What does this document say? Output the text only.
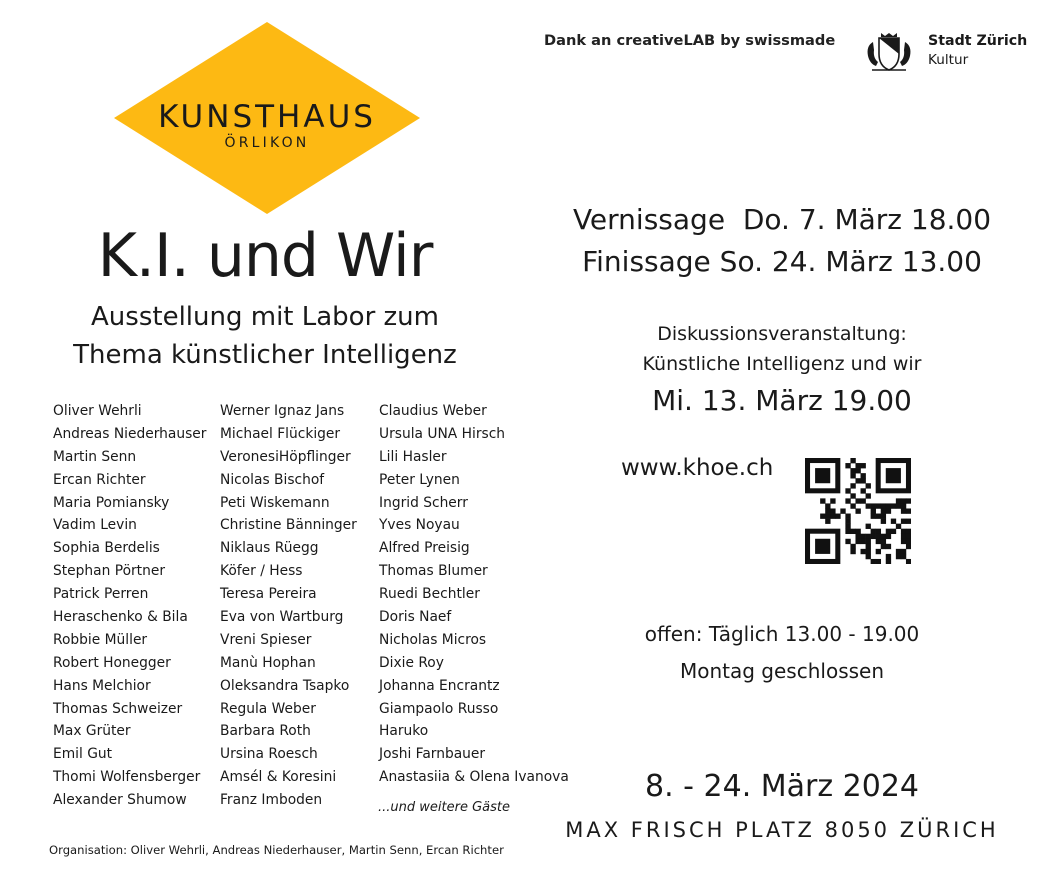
KUNSTHAUS
ÖRLIKON
K.I. und Wir
Ausstellung mit Labor zum
Thema künstlicher Intelligenz
Oliver Wehrli
Andreas Niederhauser
Martin Senn
Ercan Richter
Maria Pomiansky
Vadim Levin
Sophia Berdelis
Stephan Pörtner
Patrick Perren
Heraschenko & Bila
Robbie Müller
Robert Honegger
Hans Melchior
Thomas Schweizer
Max Grüter
Emil Gut
Thomi Wolfensberger
Alexander Shumow
Werner Ignaz Jans
Michael Flückiger
VeronesiHöpflinger
Nicolas Bischof
Peti Wiskemann
Christine Bänninger
Niklaus Rüegg
Köfer / Hess
Teresa Pereira
Eva von Wartburg
Vreni Spieser
Manù Hophan
Oleksandra Tsapko
Regula Weber
Barbara Roth
Ursina Roesch
Amsél & Koresini
Franz Imboden
Claudius Weber
Ursula UNA Hirsch
Lili Hasler
Peter Lynen
Ingrid Scherr
Yves Noyau
Alfred Preisig
Thomas Blumer
Ruedi Bechtler
Doris Naef
Nicholas Micros
Dixie Roy
Johanna Encrantz
Giampaolo Russo
Haruko
Joshi Farnbauer
Anastasiia & Olena Ivanova
...und weitere Gäste
Organisation: Oliver Wehrli, Andreas Niederhauser, Martin Senn, Ercan Richter
Dank an creativeLAB by swissmade	Stadt Zürich
Kultur
Vernissage  Do. 7. März 18.00
Finissage So. 24. März 13.00
Diskussionsveranstaltung:
Künstliche Intelligenz und wir
Mi. 13. März 19.00
www.khoe.ch
offen: Täglich 13.00 - 19.00
Montag geschlossen
8. - 24. März 2024
MAX FRISCH PLATZ 8050 ZÜRICH
